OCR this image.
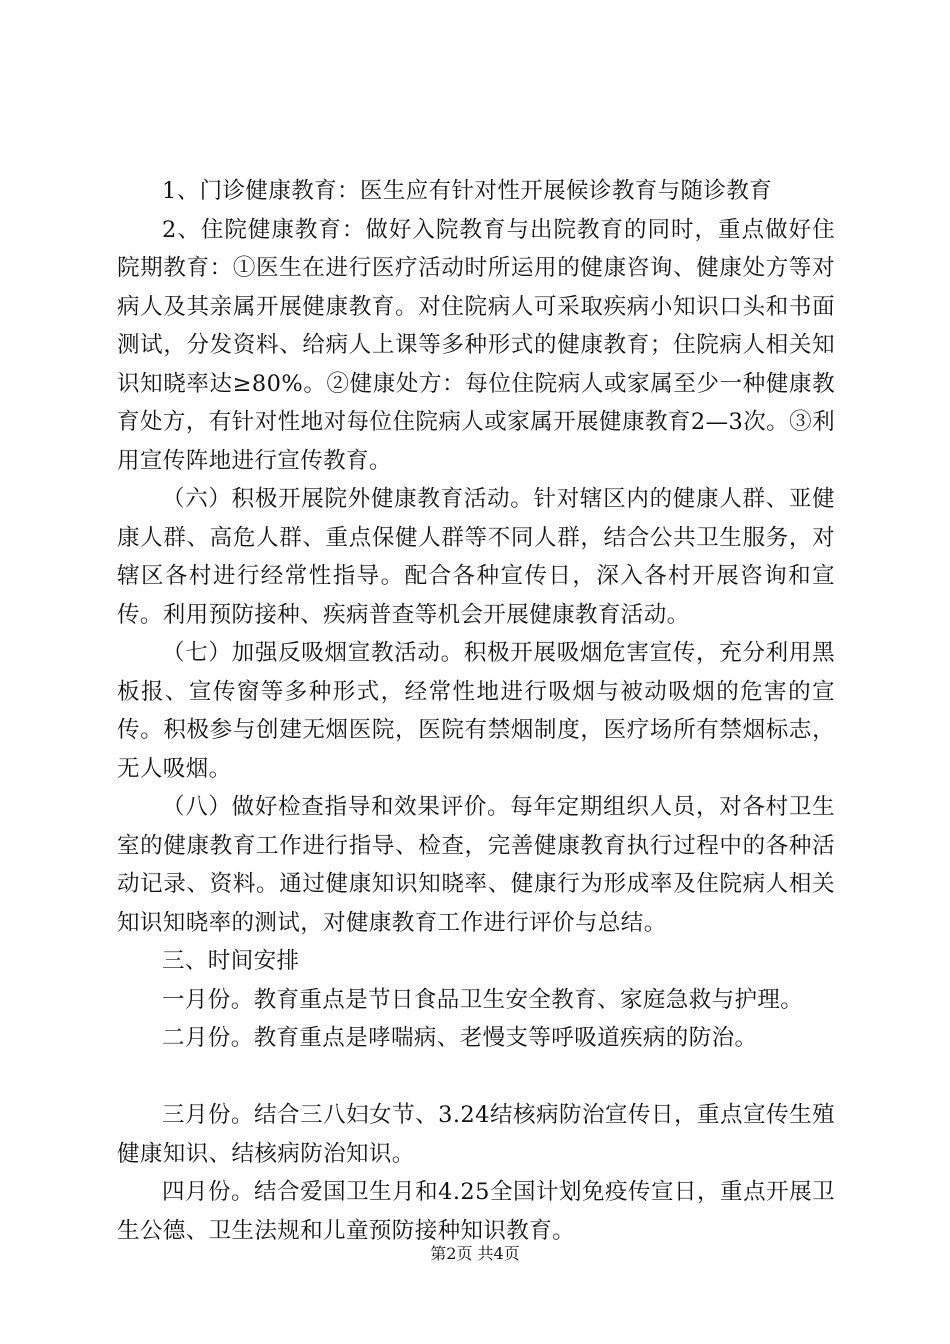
1、门诊健康教育：医生应有针对性开展候诊教育与随诊教育

2、住院健康教育：做好入院教育与出院教育的同时，重点做好住院期教育：①医生在进行医疗活动时所运用的健康咨询、健康处方等对病人及其亲属开展健康教育。对住院病人可采取疾病小知识口头和书面测试，分发资料、给病人上课等多种形式的健康教育；住院病人相关知识知晓率达≥80%。②健康处方：每位住院病人或家属至少一种健康教育处方，有针对性地对每位住院病人或家属开展健康教育2—3次。③利用宣传阵地进行宣传教育。

（六）积极开展院外健康教育活动。针对辖区内的健康人群、亚健康人群、高危人群、重点保健人群等不同人群，结合公共卫生服务，对辖区各村进行经常性指导。配合各种宣传日，深入各村开展咨询和宣传。利用预防接种、疾病普查等机会开展健康教育活动。

（七）加强反吸烟宣教活动。积极开展吸烟危害宣传，充分利用黑板报、宣传窗等多种形式，经常性地进行吸烟与被动吸烟的危害的宣传。积极参与创建无烟医院，医院有禁烟制度，医疗场所有禁烟标志，无人吸烟。

（八）做好检查指导和效果评价。每年定期组织人员，对各村卫生室的健康教育工作进行指导、检查，完善健康教育执行过程中的各种活动记录、资料。通过健康知识知晓率、健康行为形成率及住院病人相关知识知晓率的测试，对健康教育工作进行评价与总结。

三、时间安排

一月份。教育重点是节日食品卫生安全教育、家庭急救与护理。

二月份。教育重点是哮喘病、老慢支等呼吸道疾病的防治。

三月份。结合三八妇女节、3.24结核病防治宣传日，重点宣传生殖健康知识、结核病防治知识。

四月份。结合爱国卫生月和4.25全国计划免疫传宣日，重点开展卫生公德、卫生法规和儿童预防接种知识教育。

第2页 共4页
